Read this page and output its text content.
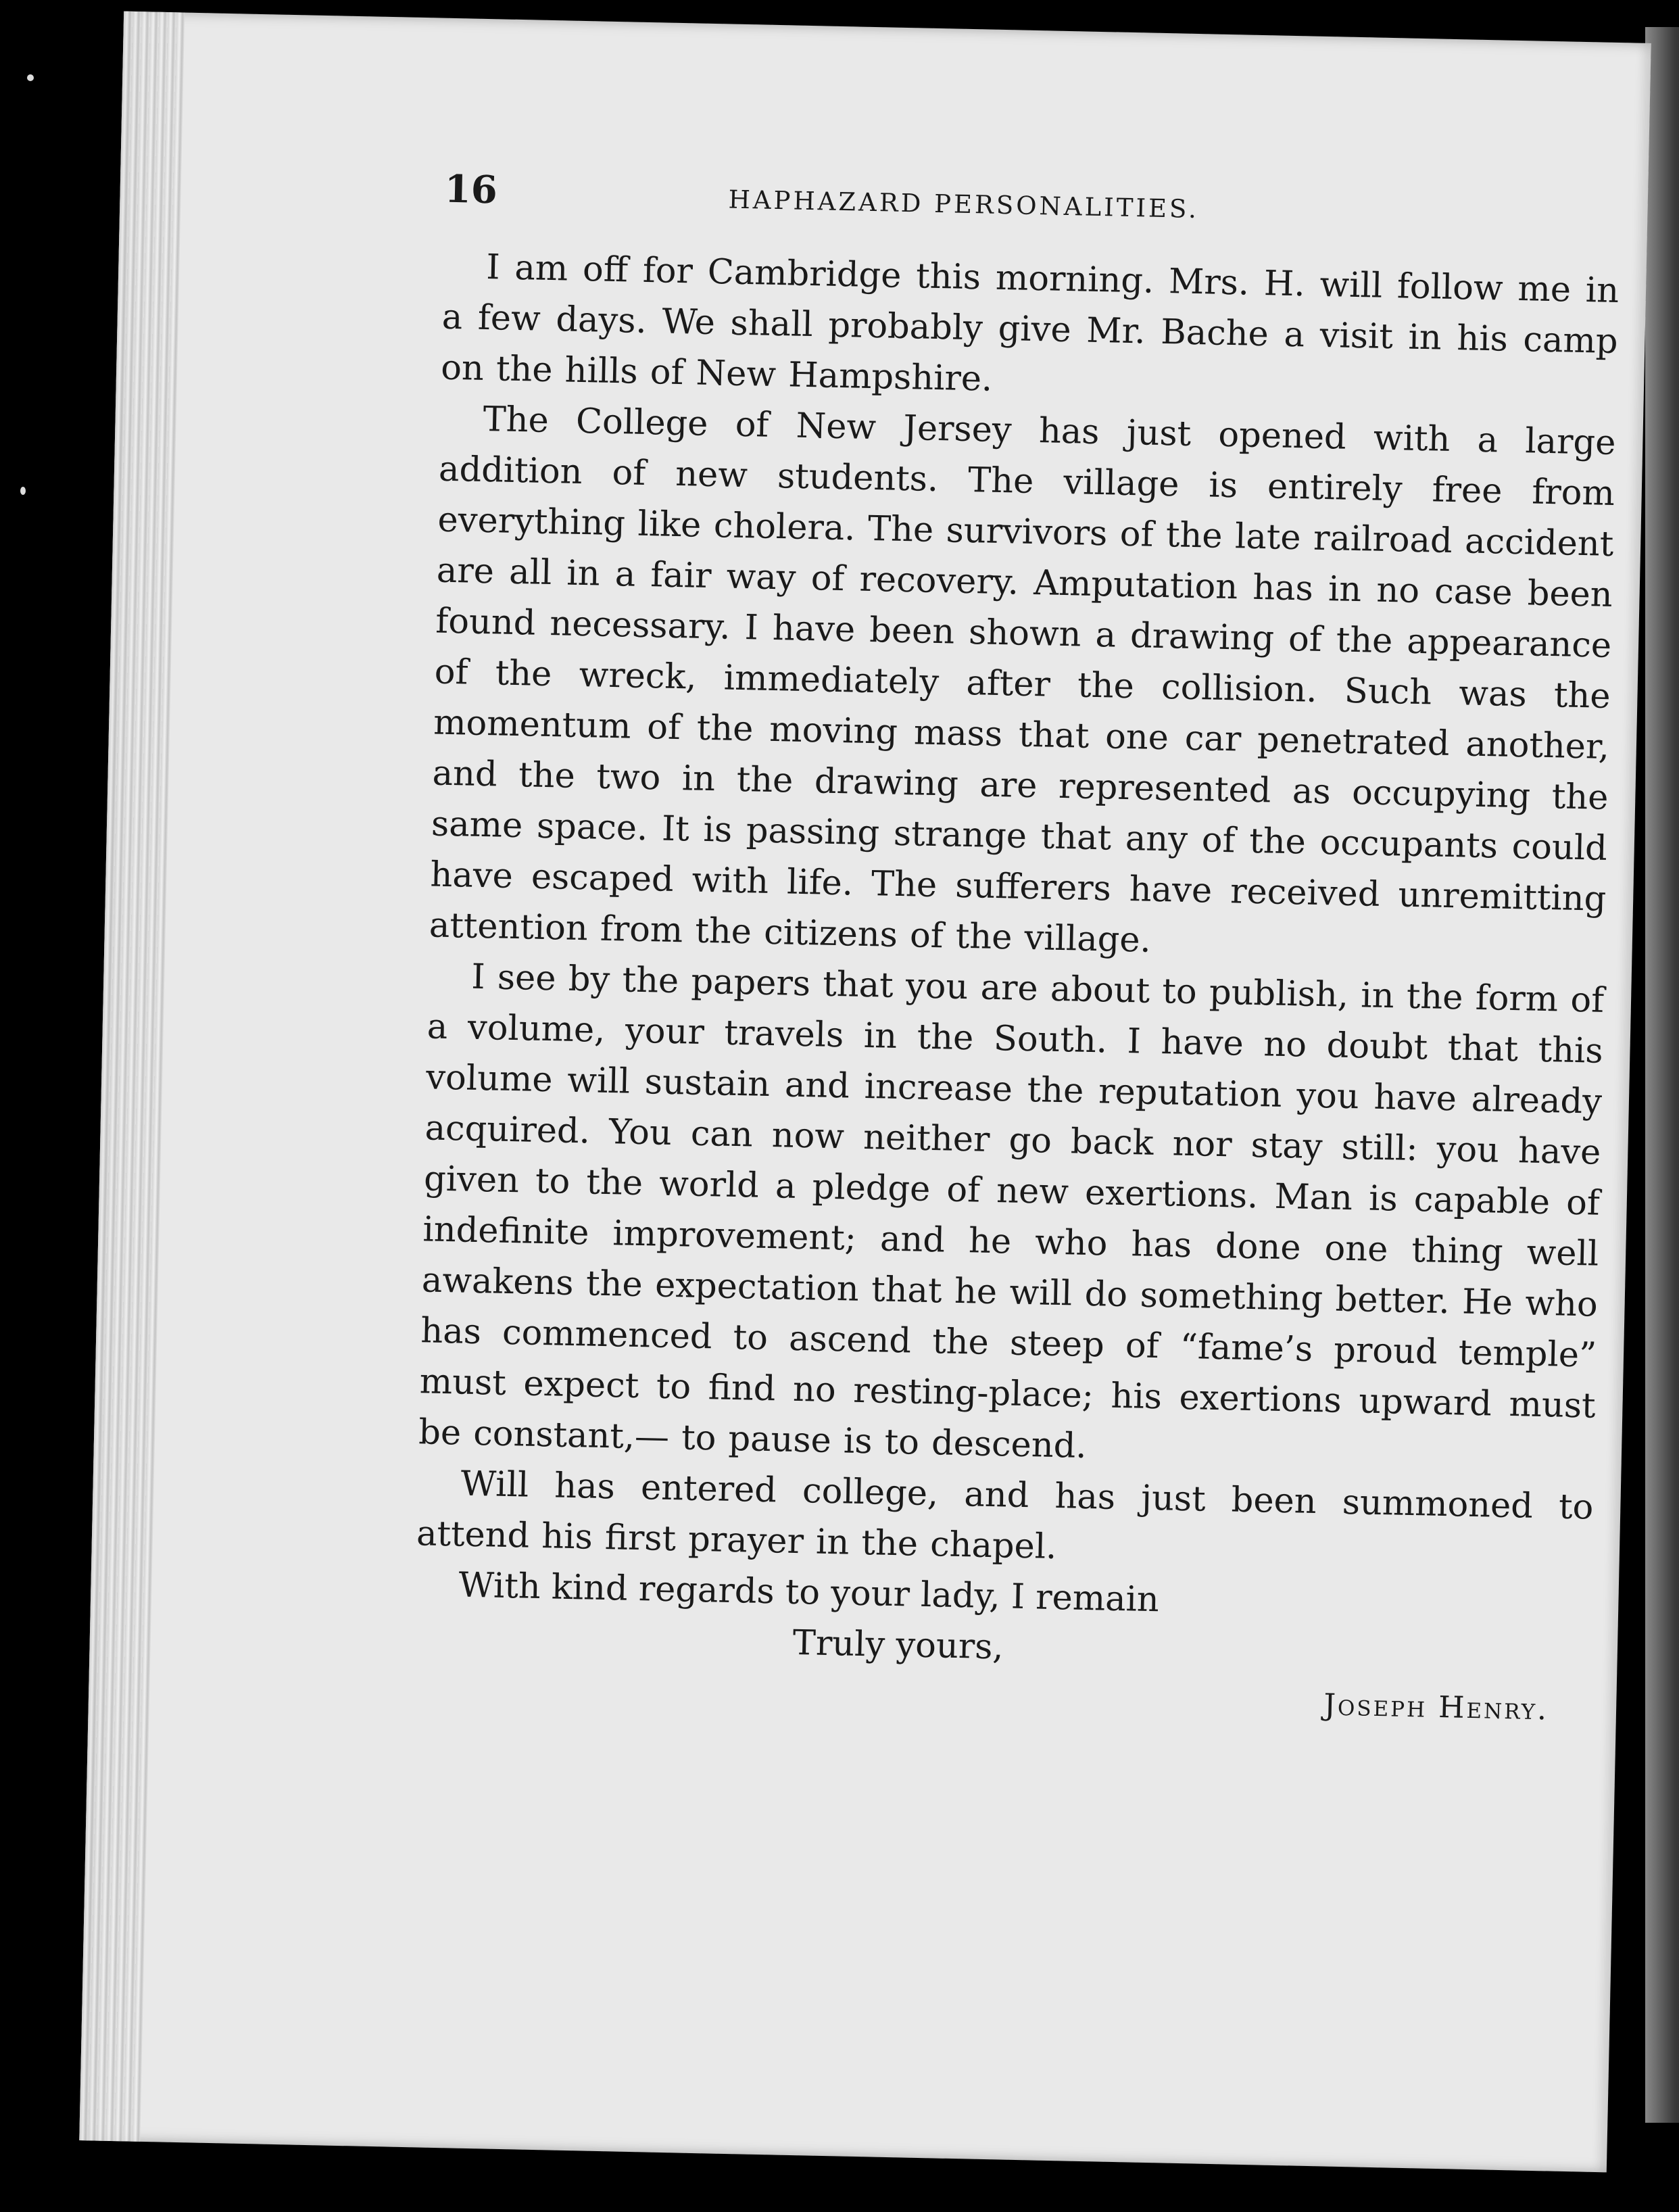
16	HAPHAZARD PERSONALITIES.

I am off for Cambridge this morning. Mrs. H. will follow me in a few days. We shall probably give Mr. Bache a visit in his camp on the hills of New Hampshire.

The College of New Jersey has just opened with a large addition of new students. The village is entirely free from everything like cholera. The survivors of the late railroad accident are all in a fair way of recovery. Amputation has in no case been found necessary. I have been shown a drawing of the appearance of the wreck, immediately after the collision. Such was the momentum of the moving mass that one car penetrated another, and the two in the drawing are represented as occupying the same space. It is passing strange that any of the occupants could have escaped with life. The sufferers have received unremitting attention from the citizens of the village.

I see by the papers that you are about to publish, in the form of a volume, your travels in the South. I have no doubt that this volume will sustain and increase the reputation you have already acquired. You can now neither go back nor stay still: you have given to the world a pledge of new exertions. Man is capable of indefinite improvement; and he who has done one thing well awakens the expectation that he will do something better. He who has commenced to ascend the steep of “fame’s proud temple” must expect to find no resting-place; his exertions upward must be constant,— to pause is to descend.

Will has entered college, and has just been summoned to attend his first prayer in the chapel.

With kind regards to your lady, I remain

Truly yours,

Joseph Henry.
